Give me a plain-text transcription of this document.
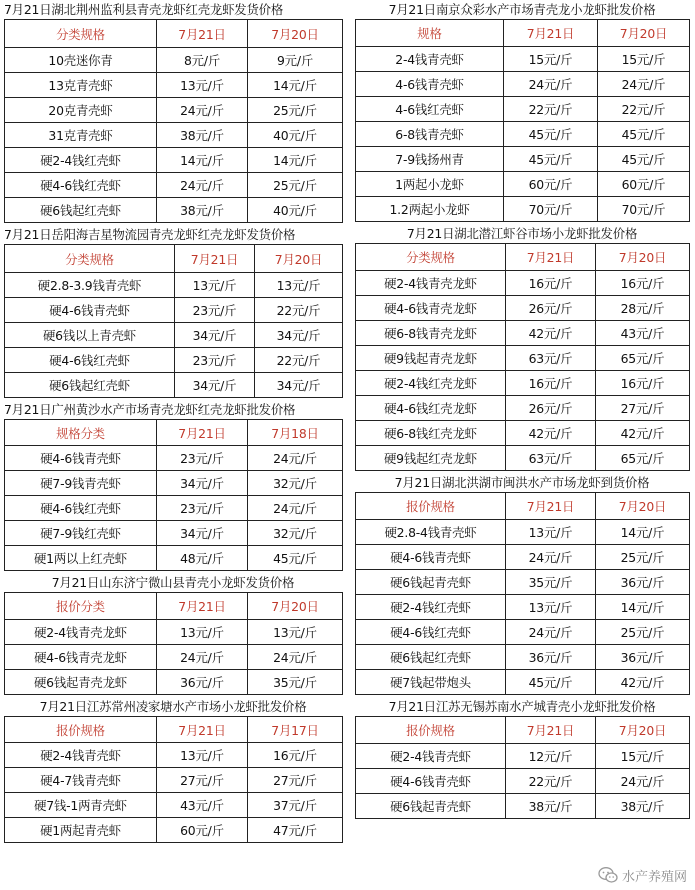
7月21日湖北荆州监利县青壳龙虾红壳龙虾发货价格
分类规格	7月21日	7月20日
10壳迷你青	8元/斤	9元/斤
13克青壳虾	13元/斤	14元/斤
20克青壳虾	24元/斤	25元/斤
31克青壳虾	38元/斤	40元/斤
硬2-4钱红壳虾	14元/斤	14元/斤
硬4-6钱红壳虾	24元/斤	25元/斤
硬6钱起红壳虾	38元/斤	40元/斤
7月21日岳阳海吉星物流园青壳龙虾红壳龙虾发货价格
分类规格	7月21日	7月20日
硬2.8-3.9钱青壳虾	13元/斤	13元/斤
硬4-6钱青壳虾	23元/斤	22元/斤
硬6钱以上青壳虾	34元/斤	34元/斤
硬4-6钱红壳虾	23元/斤	22元/斤
硬6钱起红壳虾	34元/斤	34元/斤
7月21日广州黄沙水产市场青壳龙虾红壳龙虾批发价格
规格分类	7月21日	7月18日
硬4-6钱青壳虾	23元/斤	24元/斤
硬7-9钱青壳虾	34元/斤	32元/斤
硬4-6钱红壳虾	23元/斤	24元/斤
硬7-9钱红壳虾	34元/斤	32元/斤
硬1两以上红壳虾	48元/斤	45元/斤
7月21日山东济宁微山县青壳小龙虾发货价格
报价分类	7月21日	7月20日
硬2-4钱青壳龙虾	13元/斤	13元/斤
硬4-6钱青壳龙虾	24元/斤	24元/斤
硬6钱起青壳龙虾	36元/斤	35元/斤
7月21日江苏常州凌家塘水产市场小龙虾批发价格
报价规格	7月21日	7月17日
硬2-4钱青壳虾	13元/斤	16元/斤
硬4-7钱青壳虾	27元/斤	27元/斤
硬7钱-1两青壳虾	43元/斤	37元/斤
硬1两起青壳虾	60元/斤	47元/斤
7月21日南京众彩水产市场青壳龙小龙虾批发价格
规格	7月21日	7月20日
2-4钱青壳虾	15元/斤	15元/斤
4-6钱青壳虾	24元/斤	24元/斤
4-6钱红壳虾	22元/斤	22元/斤
6-8钱青壳虾	45元/斤	45元/斤
7-9钱扬州青	45元/斤	45元/斤
1两起小龙虾	60元/斤	60元/斤
1.2两起小龙虾	70元/斤	70元/斤
7月21日湖北潜江虾谷市场小龙虾批发价格
分类规格	7月21日	7月20日
硬2-4钱青壳龙虾	16元/斤	16元/斤
硬4-6钱青壳龙虾	26元/斤	28元/斤
硬6-8钱青壳龙虾	42元/斤	43元/斤
硬9钱起青壳龙虾	63元/斤	65元/斤
硬2-4钱红壳龙虾	16元/斤	16元/斤
硬4-6钱红壳龙虾	26元/斤	27元/斤
硬6-8钱红壳龙虾	42元/斤	42元/斤
硬9钱起红壳龙虾	63元/斤	65元/斤
7月21日湖北洪湖市闽洪水产市场龙虾到货价格
报价规格	7月21日	7月20日
硬2.8-4钱青壳虾	13元/斤	14元/斤
硬4-6钱青壳虾	24元/斤	25元/斤
硬6钱起青壳虾	35元/斤	36元/斤
硬2-4钱红壳虾	13元/斤	14元/斤
硬4-6钱红壳虾	24元/斤	25元/斤
硬6钱起红壳虾	36元/斤	36元/斤
硬7钱起带炮头	45元/斤	42元/斤
7月21日江苏无锡苏南水产城青壳小龙虾批发价格
报价规格	7月21日	7月20日
硬2-4钱青壳虾	12元/斤	15元/斤
硬4-6钱青壳虾	22元/斤	24元/斤
硬6钱起青壳虾	38元/斤	38元/斤
水产养殖网
